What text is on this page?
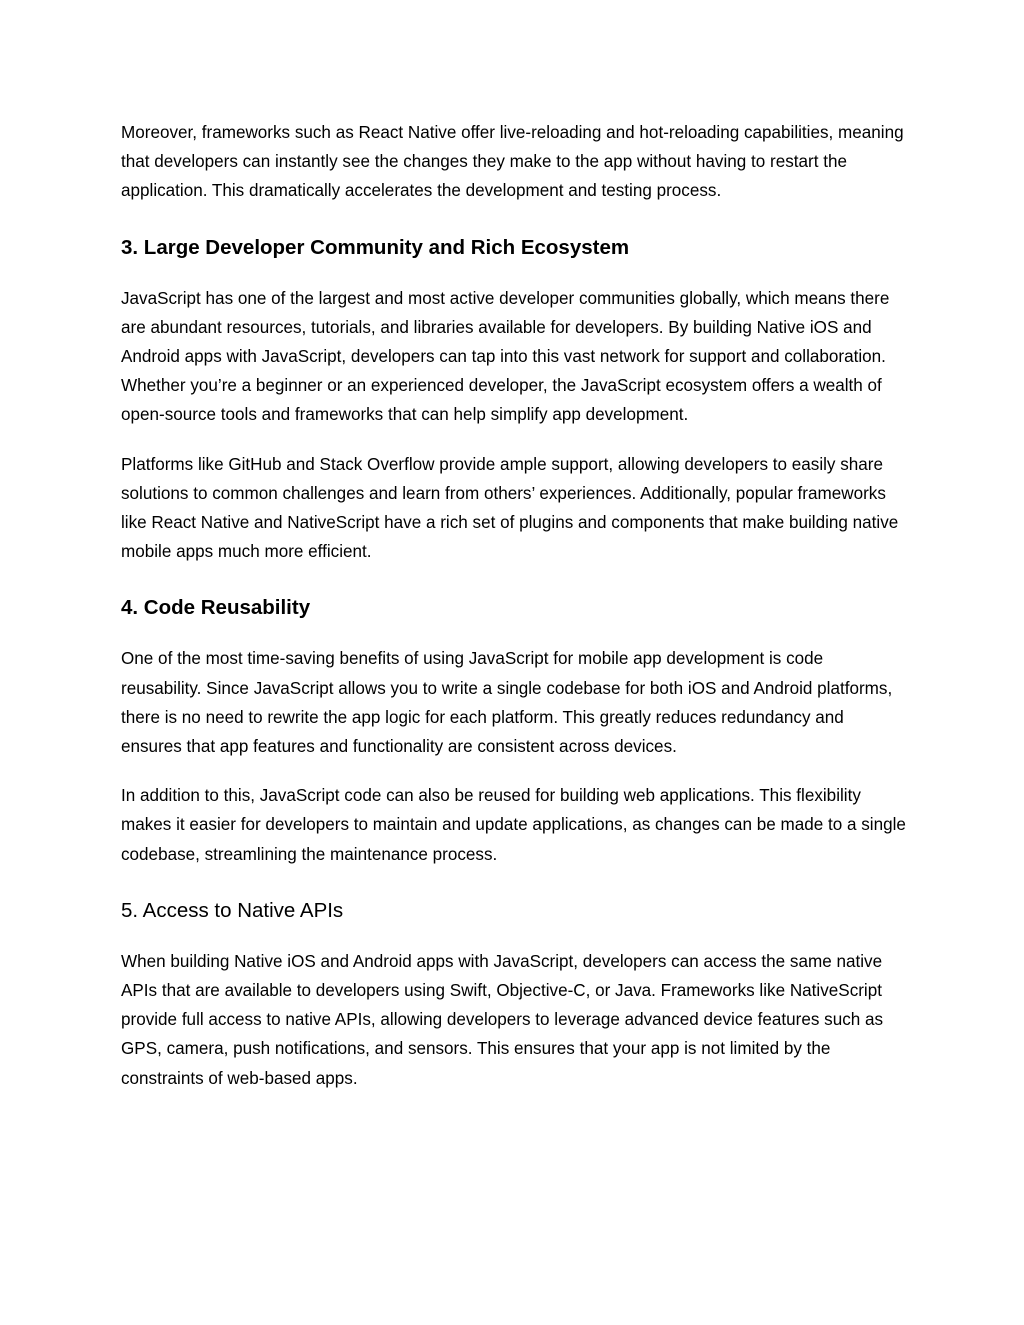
Moreover, frameworks such as React Native offer live-reloading and hot-reloading capabilities, meaning that developers can instantly see the changes they make to the app without having to restart the application. This dramatically accelerates the development and testing process.

3. Large Developer Community and Rich Ecosystem

JavaScript has one of the largest and most active developer communities globally, which means there are abundant resources, tutorials, and libraries available for developers. By building Native iOS and Android apps with JavaScript, developers can tap into this vast network for support and collaboration. Whether you’re a beginner or an experienced developer, the JavaScript ecosystem offers a wealth of open-source tools and frameworks that can help simplify app development.

Platforms like GitHub and Stack Overflow provide ample support, allowing developers to easily share solutions to common challenges and learn from others’ experiences. Additionally, popular frameworks like React Native and NativeScript have a rich set of plugins and components that make building native mobile apps much more efficient.

4. Code Reusability

One of the most time-saving benefits of using JavaScript for mobile app development is code reusability. Since JavaScript allows you to write a single codebase for both iOS and Android platforms, there is no need to rewrite the app logic for each platform. This greatly reduces redundancy and ensures that app features and functionality are consistent across devices.

In addition to this, JavaScript code can also be reused for building web applications. This flexibility makes it easier for developers to maintain and update applications, as changes can be made to a single codebase, streamlining the maintenance process.

5. Access to Native APIs

When building Native iOS and Android apps with JavaScript, developers can access the same native APIs that are available to developers using Swift, Objective-C, or Java. Frameworks like NativeScript provide full access to native APIs, allowing developers to leverage advanced device features such as GPS, camera, push notifications, and sensors. This ensures that your app is not limited by the constraints of web-based apps.
